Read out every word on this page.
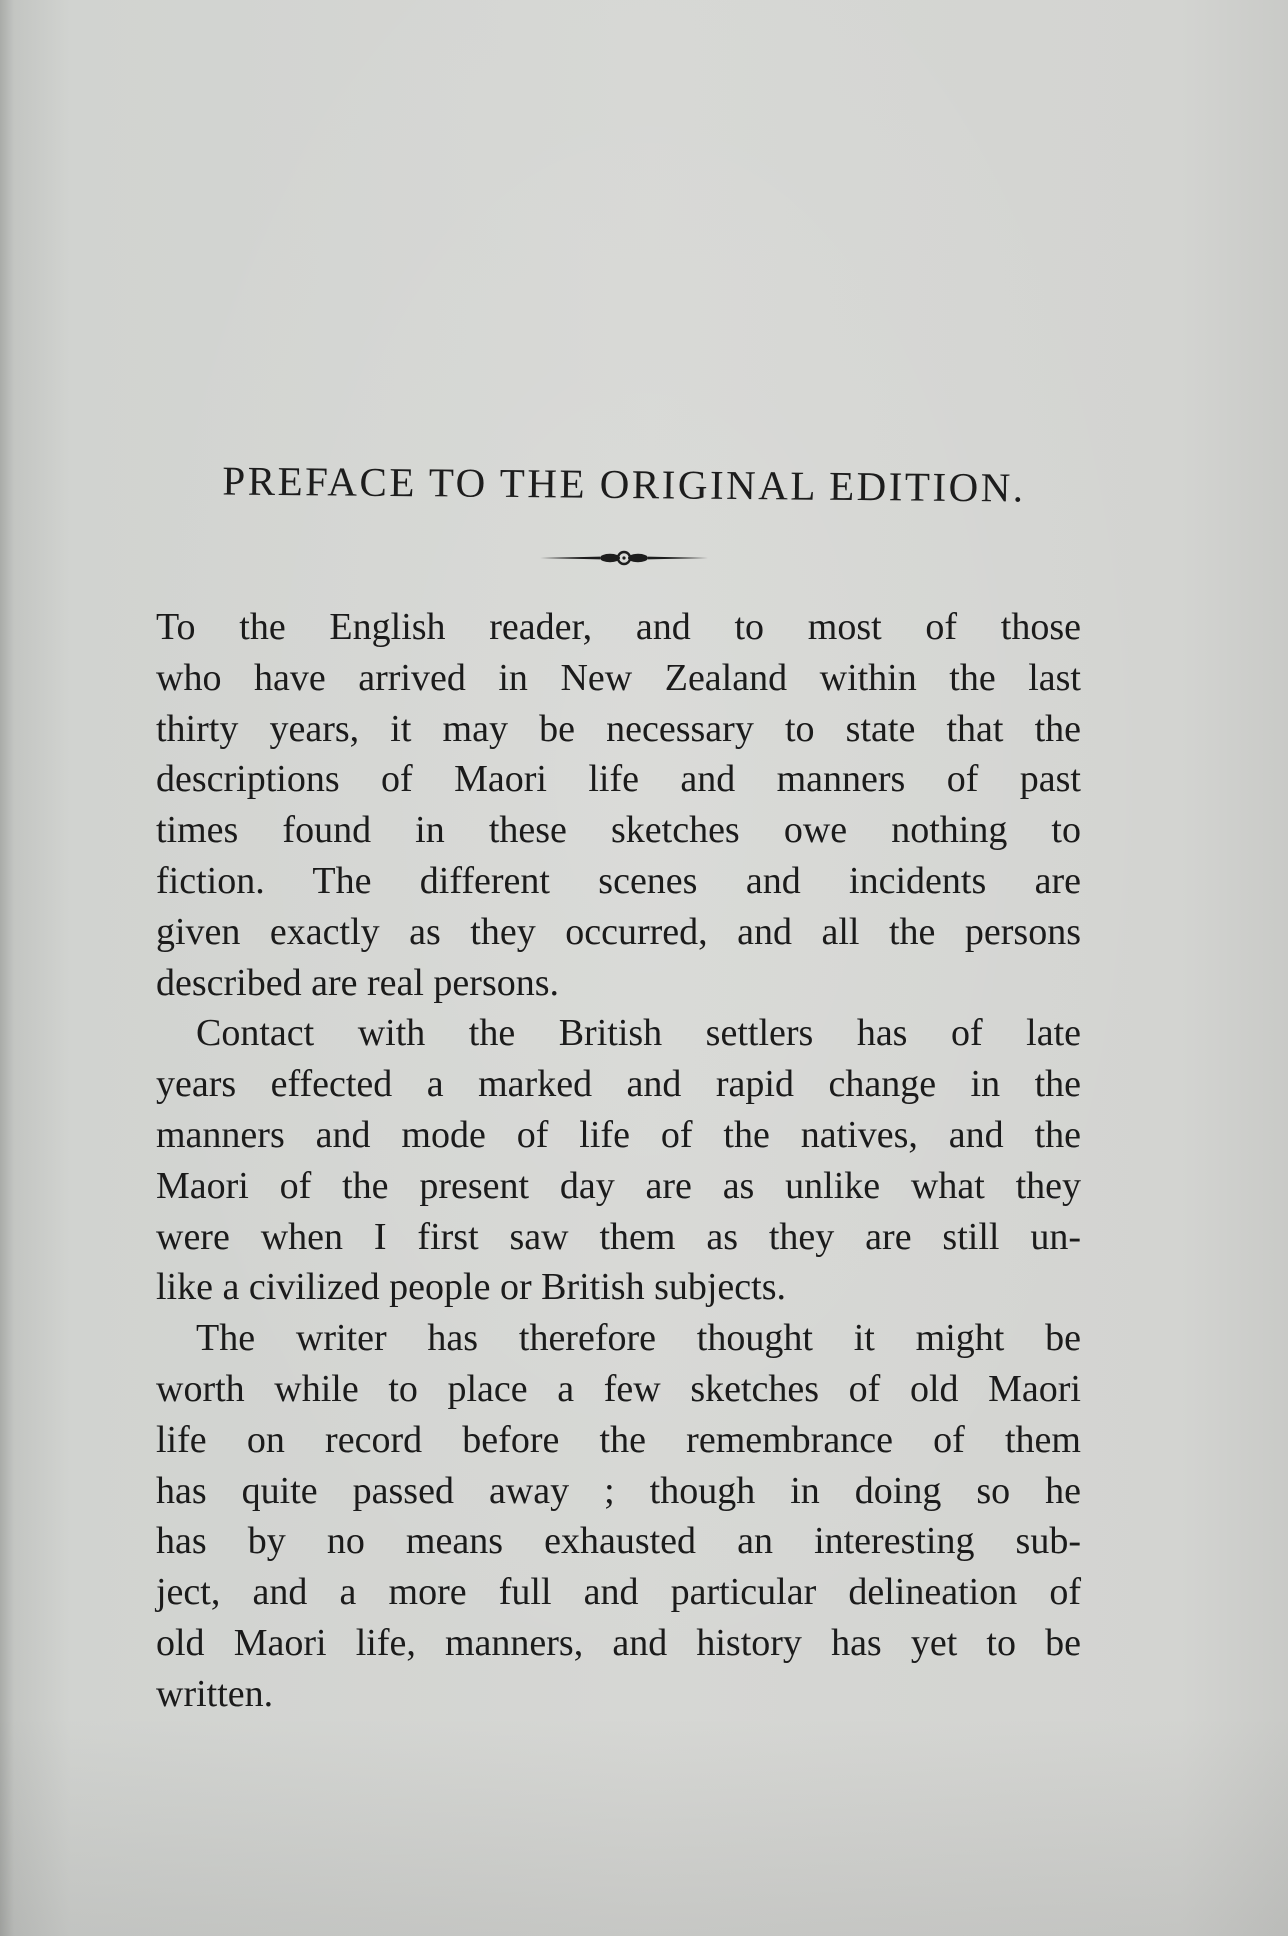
PREFACE TO THE ORIGINAL EDITION.
To the English reader, and to most of those
who have arrived in New Zealand within the last
thirty years, it may be necessary to state that the
descriptions of Maori life and manners of past
times found in these sketches owe nothing to
fiction. The different scenes and incidents are
given exactly as they occurred, and all the persons
described are real persons.
Contact with the British settlers has of late
years effected a marked and rapid change in the
manners and mode of life of the natives, and the
Maori of the present day are as unlike what they
were when I first saw them as they are still un-
like a civilized people or British subjects.
The writer has therefore thought it might be
worth while to place a few sketches of old Maori
life on record before the remembrance of them
has quite passed away ; though in doing so he
has by no means exhausted an interesting sub-
ject, and a more full and particular delineation of
old Maori life, manners, and history has yet to be
written.
